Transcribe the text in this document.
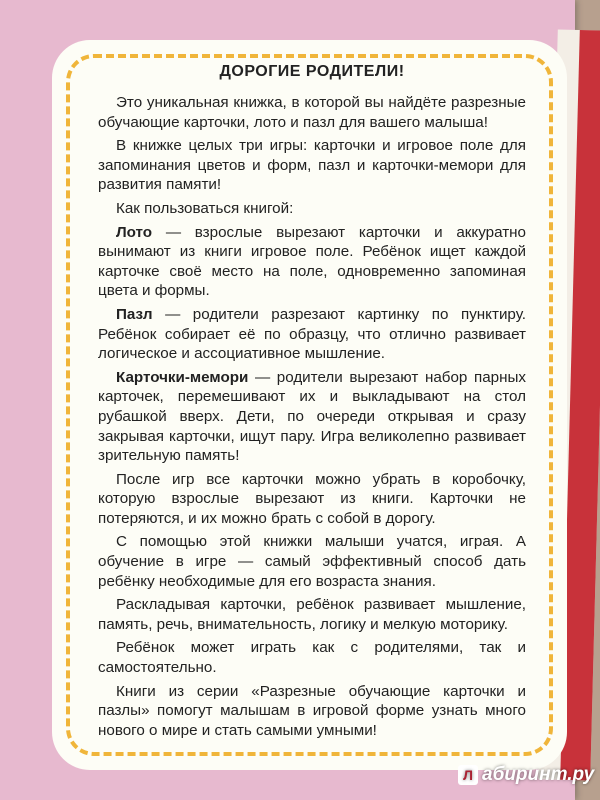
ДОРОГИЕ РОДИТЕЛИ!

Это уникальная книжка, в которой вы найдёте разрезные обучающие карточки, лото и пазл для вашего малыша!

В книжке целых три игры: карточки и игровое поле для запоминания цветов и форм, пазл и карточки-мемори для развития памяти!

Как пользоваться книгой:

Лото — взрослые вырезают карточки и аккуратно вынимают из книги игровое поле. Ребёнок ищет каждой карточке своё место на поле, одновременно запоминая цвета и формы.

Пазл — родители разрезают картинку по пунктиру. Ребёнок собирает её по образцу, что отлично развивает логическое и ассоциативное мышление.

Карточки-мемори — родители вырезают набор парных карточек, перемешивают их и выкладывают на стол рубашкой вверх. Дети, по очереди открывая и сразу закрывая карточки, ищут пару. Игра великолепно развивает зрительную память!

После игр все карточки можно убрать в коробочку, которую взрослые вырезают из книги. Карточки не потеряются, и их можно брать с собой в дорогу.

С помощью этой книжки малыши учатся, играя. А обучение в игре — самый эффективный способ дать ребёнку необходимые для его возраста знания.

Раскладывая карточки, ребёнок развивает мышление, память, речь, внимательность, логику и мелкую моторику.

Ребёнок может играть как с родителями, так и самостоятельно.

Книги из серии «Разрезные обучающие карточки и пазлы» помогут малышам в игровой форме узнать много нового о мире и стать самыми умными!

Л абиринт.ру
